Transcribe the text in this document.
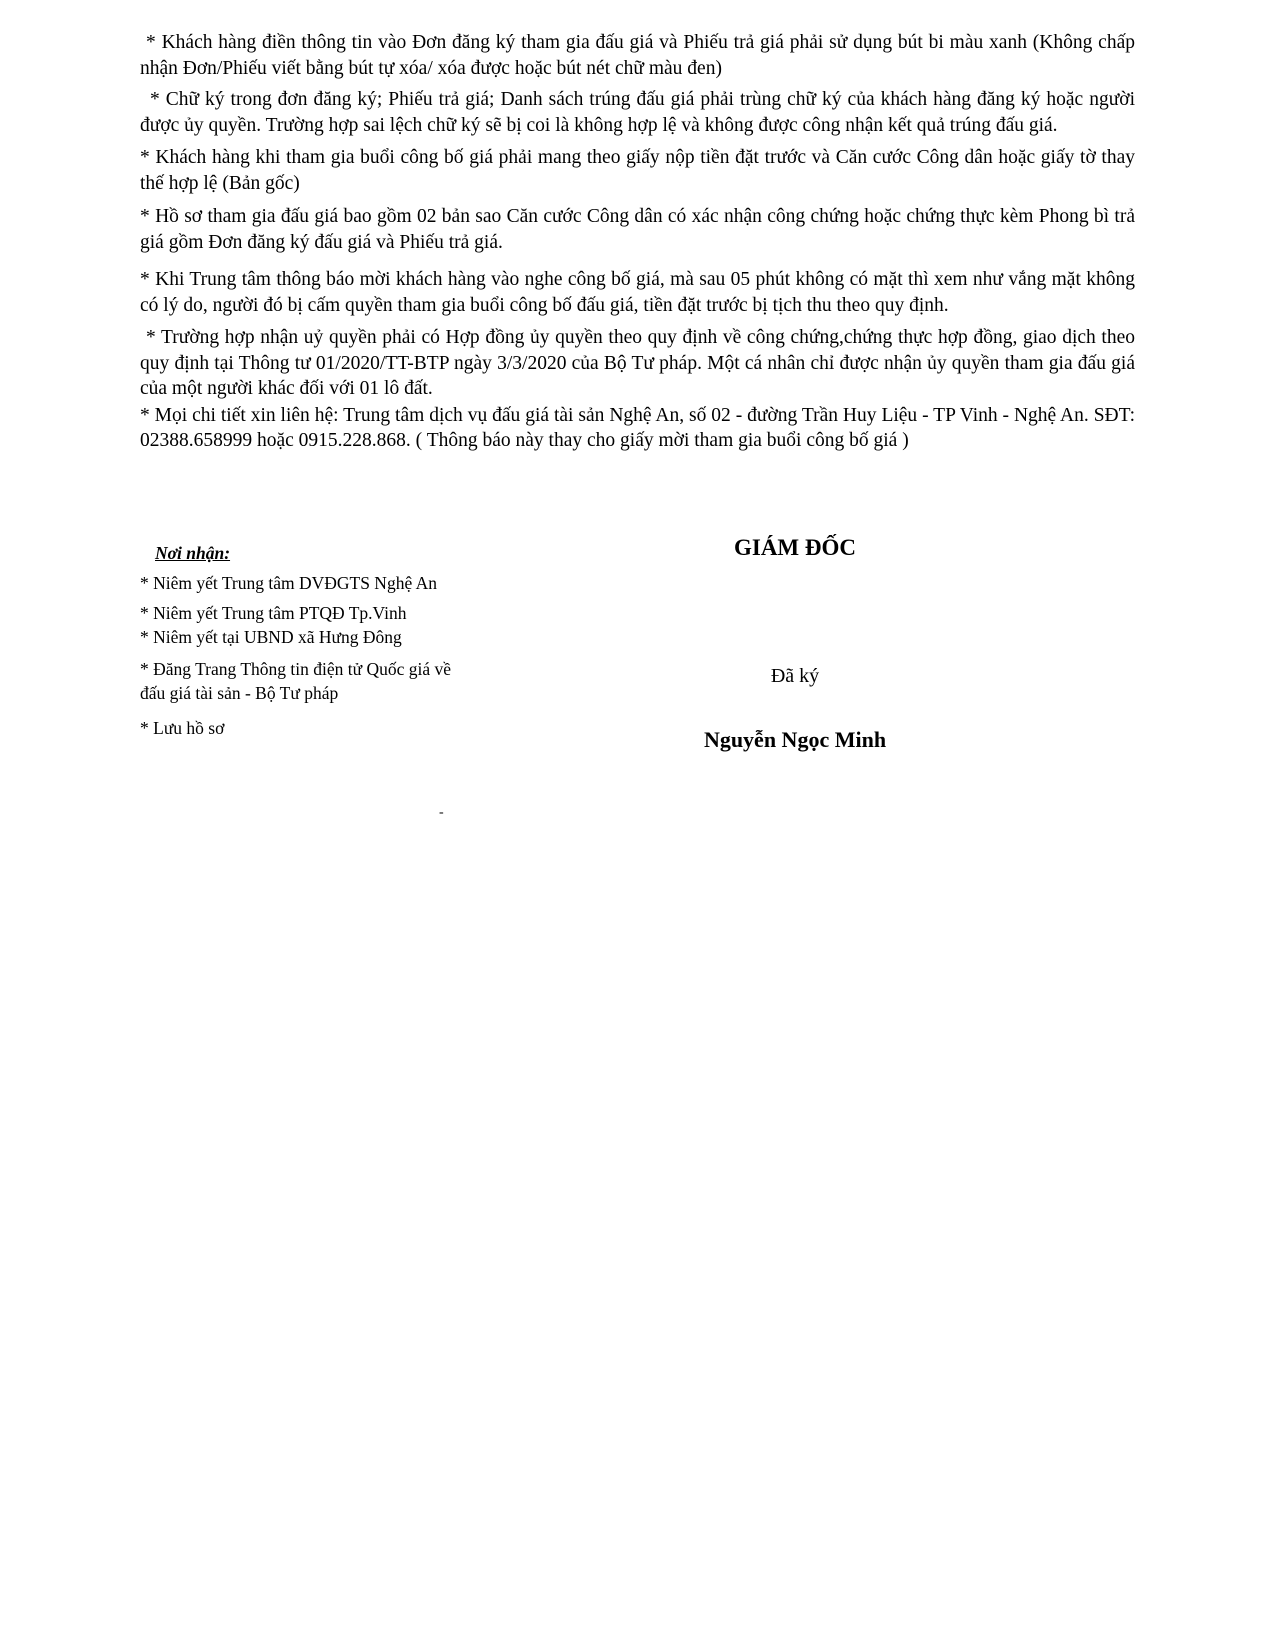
* Khách hàng điền thông tin vào Đơn đăng ký tham gia đấu giá và Phiếu trả giá phải sử dụng bút bi màu xanh (Không chấp nhận Đơn/Phiếu viết bằng bút tự xóa/ xóa được hoặc bút nét chữ màu đen)

* Chữ ký trong đơn đăng ký; Phiếu trả giá; Danh sách trúng đấu giá phải trùng chữ ký của khách hàng đăng ký hoặc người được ủy quyền. Trường hợp sai lệch chữ ký sẽ bị coi là không hợp lệ và không được công nhận kết quả trúng đấu giá.

* Khách hàng khi tham gia buổi công bố giá phải mang theo giấy nộp tiền đặt trước và Căn cước Công dân hoặc giấy tờ thay thế hợp lệ (Bản gốc)

* Hồ sơ tham gia đấu giá bao gồm 02 bản sao Căn cước Công dân có xác nhận công chứng hoặc chứng thực kèm Phong bì trả giá gồm Đơn đăng ký đấu giá và Phiếu trả giá.

* Khi Trung tâm thông báo mời khách hàng vào nghe công bố giá, mà sau 05 phút không có mặt thì xem như vắng mặt không có lý do, người đó bị cấm quyền tham gia buổi công bố đấu giá, tiền đặt trước bị tịch thu theo quy định.

* Trường hợp nhận uỷ quyền phải có Hợp đồng ủy quyền theo quy định về công chứng,chứng thực hợp đồng, giao dịch theo quy định tại Thông tư 01/2020/TT-BTP ngày 3/3/2020 của Bộ Tư pháp. Một cá nhân chỉ được nhận ủy quyền tham gia đấu giá của một người khác đối với 01 lô đất.

* Mọi chi tiết xin liên hệ: Trung tâm dịch vụ đấu giá tài sản Nghệ An, số 02 - đường Trần Huy Liệu - TP Vinh - Nghệ An. SĐT: 02388.658999 hoặc 0915.228.868. ( Thông báo này thay cho giấy mời tham gia buổi công bố giá )

Nơi nhận:

* Niêm yết Trung tâm DVĐGTS Nghệ An
* Niêm yết Trung tâm PTQĐ Tp.Vinh
* Niêm yết tại UBND xã Hưng Đông
* Đăng Trang Thông tin điện tử Quốc giá về đấu giá tài sản - Bộ Tư pháp
* Lưu hồ sơ
GIÁM ĐỐC
Đã ký
Nguyễn Ngọc Minh
-
